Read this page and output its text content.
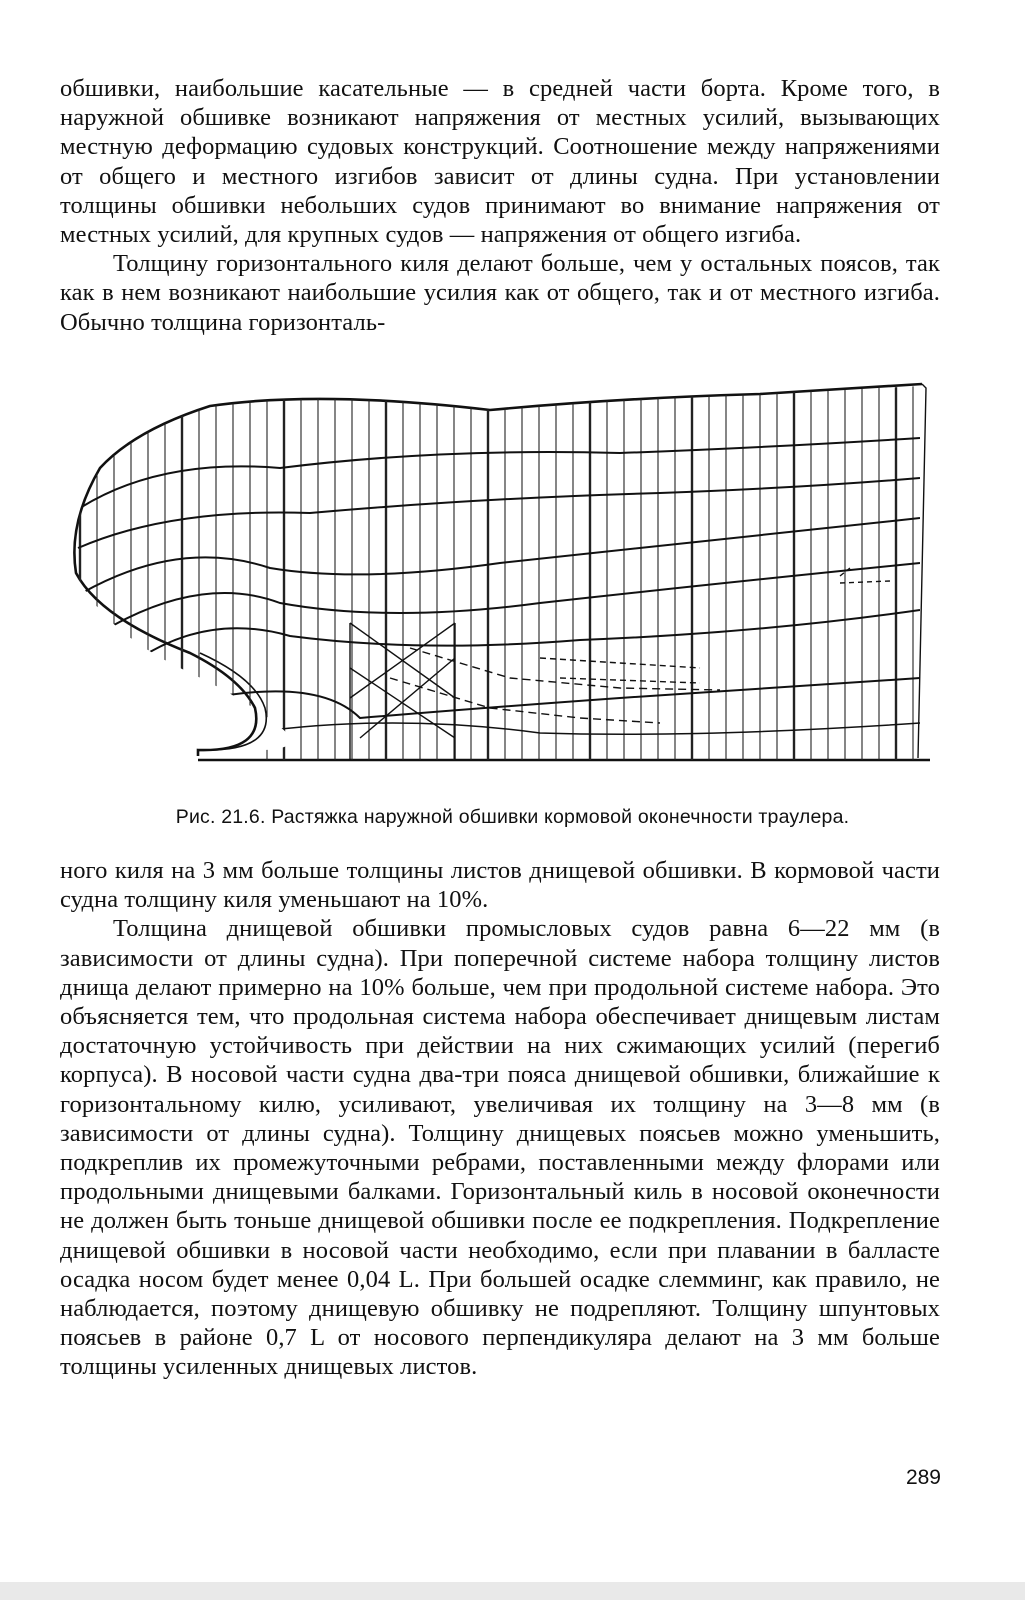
обшивки, наибольшие касательные — в средней части борта. Кроме того, в наружной обшивке возникают напряжения от местных усилий, вызывающих местную деформацию судовых конструкций. Соотношение между напряжениями от общего и местного изгибов зависит от длины судна. При установлении толщины обшивки небольших судов принимают во внимание напряжения от местных усилий, для крупных судов — напряжения от общего изгиба.

Толщину горизонтального киля делают больше, чем у остальных поясов, так как в нем возникают наибольшие усилия как от общего, так и от местного изгиба. Обычно толщина горизонталь-

Рис. 21.6. Растяжка наружной обшивки кормовой оконечности траулера.

ного киля на 3 мм больше толщины листов днищевой обшивки. В кормовой части судна толщину киля уменьшают на 10%.

Толщина днищевой обшивки промысловых судов равна 6—22 мм (в зависимости от длины судна). При поперечной системе набора толщину листов днища делают примерно на 10% больше, чем при продольной системе набора. Это объясняется тем, что продольная система набора обеспечивает днищевым листам достаточную устойчивость при действии на них сжимающих усилий (перегиб корпуса). В носовой части судна два-три пояса днищевой обшивки, ближайшие к горизонтальному килю, усиливают, увеличивая их толщину на 3—8 мм (в зависимости от длины судна). Толщину днищевых поясьев можно уменьшить, подкреплив их промежуточными ребрами, поставленными между флорами или продольными днищевыми балками. Горизонтальный киль в носовой оконечности не должен быть тоньше днищевой обшивки после ее подкрепления. Подкрепление днищевой обшивки в носовой части необходимо, если при плавании в балласте осадка носом будет менее 0,04 L. При большей осадке слемминг, как правило, не наблюдается, поэтому днищевую обшивку не подрепляют. Толщину шпунтовых поясьев в районе 0,7 L от носового перпендикуляра делают на 3 мм больше толщины усиленных днищевых листов.

289
